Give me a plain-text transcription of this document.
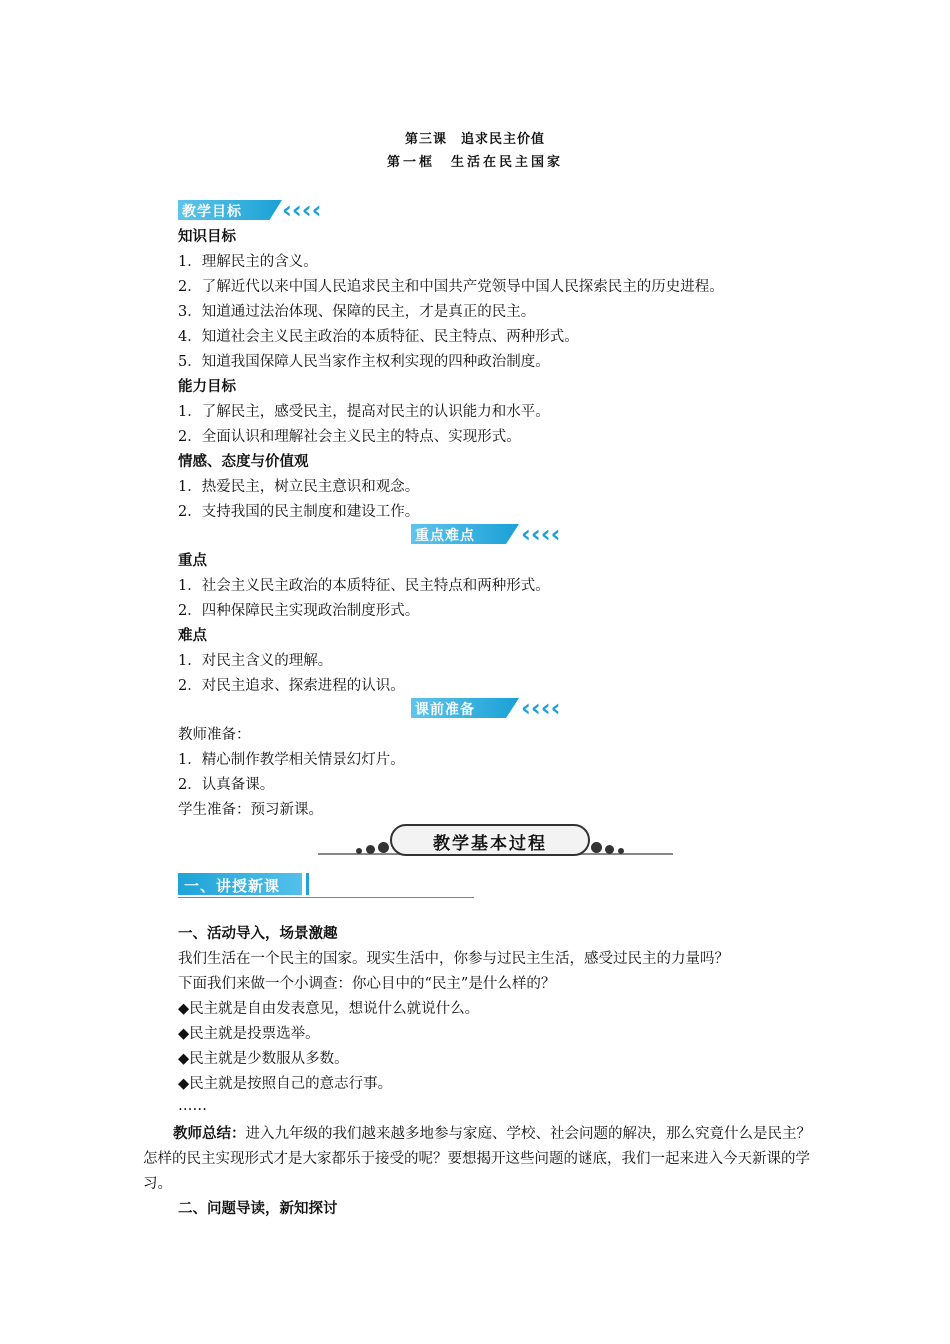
第三课　追求民主价值
第一框　生活在民主国家
教学目标 ‹‹‹‹
知识目标
1．理解民主的含义。
2．了解近代以来中国人民追求民主和中国共产党领导中国人民探索民主的历史进程。
3．知道通过法治体现、保障的民主，才是真正的民主。
4．知道社会主义民主政治的本质特征、民主特点、两种形式。
5．知道我国保障人民当家作主权利实现的四种政治制度。
能力目标
1．了解民主，感受民主，提高对民主的认识能力和水平。
2．全面认识和理解社会主义民主的特点、实现形式。
情感、态度与价值观
1．热爱民主，树立民主意识和观念。
2．支持我国的民主制度和建设工作。
重点难点 ‹‹‹‹
重点
1．社会主义民主政治的本质特征、民主特点和两种形式。
2．四种保障民主实现政治制度形式。
难点
1．对民主含义的理解。
2．对民主追求、探索进程的认识。
课前准备 ‹‹‹‹
教师准备：
1．精心制作教学相关情景幻灯片。
2．认真备课。
学生准备：预习新课。
教学基本过程
一、讲授新课
一、活动导入，场景激趣
我们生活在一个民主的国家。现实生活中，你参与过民主生活，感受过民主的力量吗？
下面我们来做一个小调查：你心目中的“民主”是什么样的？
◆民主就是自由发表意见，想说什么就说什么。
◆民主就是投票选举。
◆民主就是少数服从多数。
◆民主就是按照自己的意志行事。
……
教师总结：进入九年级的我们越来越多地参与家庭、学校、社会问题的解决，那么究竟什么是民主？怎样的民主实现形式才是大家都乐于接受的呢？要想揭开这些问题的谜底，我们一起来进入今天新课的学习。
二、问题导读，新知探讨
